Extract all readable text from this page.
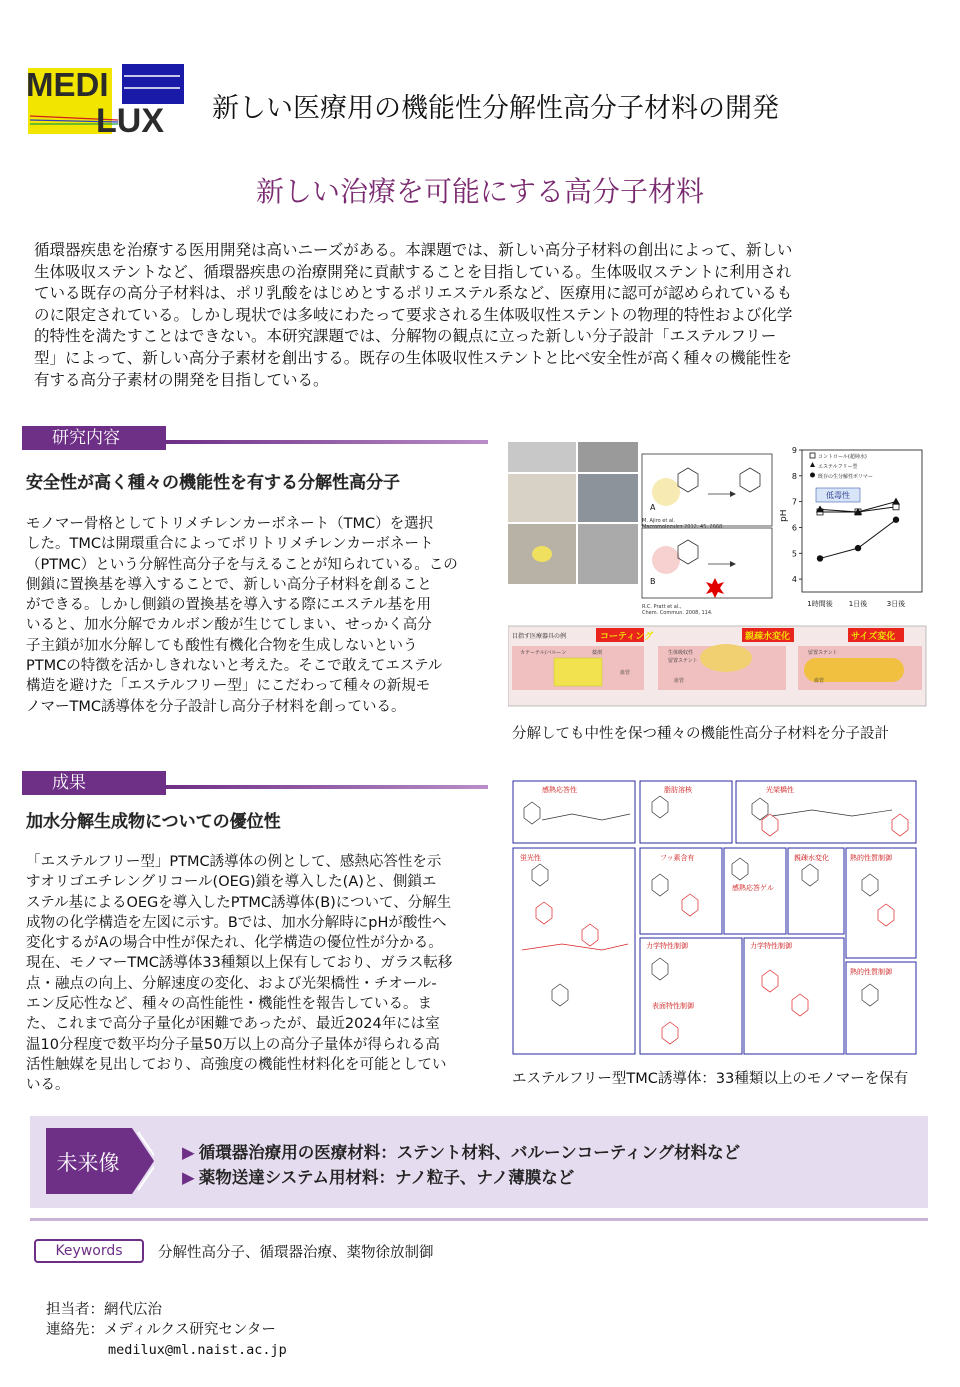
MEDI
LUX 新しい医療用の機能性分解性高分子材料の開発
新しい治療を可能にする高分子材料

循環器疾患を治療する医用開発は高いニーズがある。本課題では、新しい高分子材料の創出によって、新しい

生体吸収ステントなど、循環器疾患の治療開発に貢献することを目指している。生体吸収ステントに利用され

ている既存の高分子材料は、ポリ乳酸をはじめとするポリエステル系など、医療用に認可が認められているも

のに限定されている。しかし現状では多岐にわたって要求される生体吸収性ステントの物理的特性および化学

的特性を満たすことはできない。本研究課題では、分解物の観点に立った新しい分子設計「エステルフリー

型」によって、新しい高分子素材を創出する。既存の生体吸収性ステントと比べ安全性が高く種々の機能性を

有する高分子素材の開発を目指している。

研究内容
安全性が高く種々の機能性を有する分解性高分子

モノマー骨格としてトリメチレンカーボネート（TMC）を選択

した。TMCは開環重合によってポリトリメチレンカーボネート

（PTMC）という分解性高分子を与えることが知られている。この

側鎖に置換基を導入することで、新しい高分子材料を創ること

ができる。しかし側鎖の置換基を導入する際にエステル基を用

いると、加水分解でカルボン酸が生じてしまい、せっかく高分

子主鎖が加水分解しても酸性有機化合物を生成しないという

PTMCの特徴を活かしきれないと考えた。そこで敢えてエステル

構造を避けた「エステルフリー型」にこだわって種々の新規モ

ノマーTMC誘導体を分子設計し高分子材料を創っている。

A
B
M. Ajiro et al.
Macromolecules 2012, 45, 2668.
R.C. Pratt et al.,
Chem. Commun. 2008, 114.
目指す医療器具の例	コーティング	親疎水変化	サイズ変化
カテーテル/バルーン	薬剤
血管
生体吸収性
留置ステント
血管
留置ステント
血管
9
8
7
6
5
4
1時間後 1日後	3日後
低毒性
pH
コントロール(超純水)
エステルフリー型
既存の生分解性ポリマー
分解しても中性を保つ種々の機能性高分子材料を分子設計
成果
加水分解生成物についての優位性

「エステルフリー型」PTMC誘導体の例として、感熱応答性を示

すオリゴエチレングリコール(OEG)鎖を導入した(A)と、側鎖エ

ステル基によるOEGを導入したPTMC誘導体(B)について、分解生

成物の化学構造を左図に示す。Bでは、加水分解時にpHが酸性へ

変化するがAの場合中性が保たれ、化学構造の優位性が分かる。

現在、モノマーTMC誘導体33種類以上保有しており、ガラス転移

点・融点の向上、分解速度の変化、および光架橋性・チオール-

エン反応性など、種々の高性能性・機能性を報告している。ま

た、これまで高分子量化が困難であったが、最近2024年には室

温10分程度で数平均分子量50万以上の高分子量体が得られる高

活性触媒を見出しており、高強度の機能性材料化を可能としてい

いる。

感熱応答性	脂肪溶核	光架橋性
蛍光性	フッ素含有	親疎水変化	熱的性質制御
感熱応答ゲル
力学特性制御	力学特性制御
表面特性制御
熱的性質制御
エステルフリー型TMC誘導体：33種類以上のモノマーを保有
未来像	▶ 循環器治療用の医療材料：ステント材料、バルーンコーティング材料など
▶ 薬物送達システム用材料：ナノ粒子、ナノ薄膜など
Keywords	分解性高分子、循環器治療、薬物徐放制御
担当者：網代広治
連絡先：メディルクス研究センター
medilux@ml.naist.ac.jp
